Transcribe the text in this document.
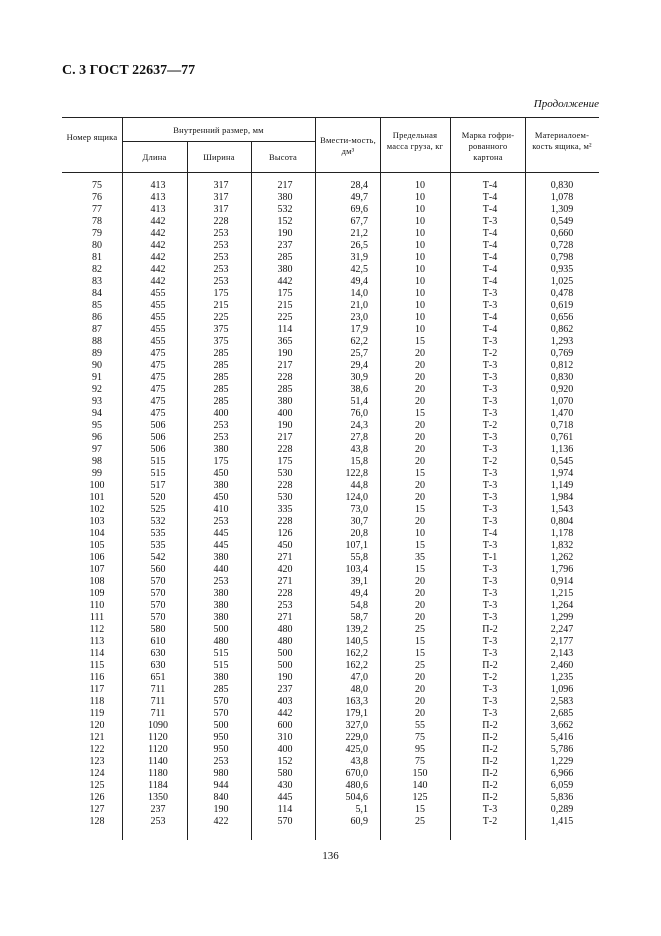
С. 3 ГОСТ 22637—77
Продолжение
Номер ящика
Внутренний размер, мм
Длина	Ширина	Высота
Вмести-мость, дм³
Предельная масса груза, кг
Марка гофри-рованного картона
Материалоем-кость ящика, м²
75
76
77
78
79
80
81
82
83
84
85
86
87
88
89
90
91
92
93
94
95
96
97
98
99
100
101
102
103
104
105
106
107
108
109
110
111
112
113
114
115
116
117
118
119
120
121
122
123
124
125
126
127
128
413
413
413
442
442
442
442
442
442
455
455
455
455
455
475
475
475
475
475
475
506
506
506
515
515
517
520
525
532
535
535
542
560
570
570
570
570
580
610
630
630
651
711
711
711
1090
1120
1120
1140
1180
1184
1350
237
253
317
317
317
228
253
253
253
253
253
175
215
225
375
375
285
285
285
285
285
400
253
253
380
175
450
380
450
410
253
445
445
380
440
253
380
380
380
500
480
515
515
380
285
570
570
500
950
950
253
980
944
840
190
422
217
380
532
152
190
237
285
380
442
175
215
225
114
365
190
217
228
285
380
400
190
217
228
175
530
228
530
335
228
126
450
271
420
271
228
253
271
480
480
500
500
190
237
403
442
600
310
400
152
580
430
445
114
570
28,4
49,7
69,6
67,7
21,2
26,5
31,9
42,5
49,4
14,0
21,0
23,0
17,9
62,2
25,7
29,4
30,9
38,6
51,4
76,0
24,3
27,8
43,8
15,8
122,8
44,8
124,0
73,0
30,7
20,8
107,1
55,8
103,4
39,1
49,4
54,8
58,7
139,2
140,5
162,2
162,2
47,0
48,0
163,3
179,1
327,0
229,0
425,0
43,8
670,0
480,6
504,6
5,1
60,9
10
10
10
10
10
10
10
10
10
10
10
10
10
15
20
20
20
20
20
15
20
20
20
20
15
20
20
15
20
10
15
35
15
20
20
20
20
25
15
15
25
20
20
20
20
55
75
95
75
150
140
125
15
25
Т-4
Т-4
Т-4
Т-3
Т-4
Т-4
Т-4
Т-4
Т-4
Т-3
Т-3
Т-4
Т-4
Т-3
Т-2
Т-3
Т-3
Т-3
Т-3
Т-3
Т-2
Т-3
Т-3
Т-2
Т-3
Т-3
Т-3
Т-3
Т-3
Т-4
Т-3
Т-1
Т-3
Т-3
Т-3
Т-3
Т-3
П-2
Т-3
Т-3
П-2
Т-2
Т-3
Т-3
Т-3
П-2
П-2
П-2
П-2
П-2
П-2
П-2
Т-3
Т-2
0,830
1,078
1,309
0,549
0,660
0,728
0,798
0,935
1,025
0,478
0,619
0,656
0,862
1,293
0,769
0,812
0,830
0,920
1,070
1,470
0,718
0,761
1,136
0,545
1,974
1,149
1,984
1,543
0,804
1,178
1,832
1,262
1,796
0,914
1,215
1,264
1,299
2,247
2,177
2,143
2,460
1,235
1,096
2,583
2,685
3,662
5,416
5,786
1,229
6,966
6,059
5,836
0,289
1,415
136
